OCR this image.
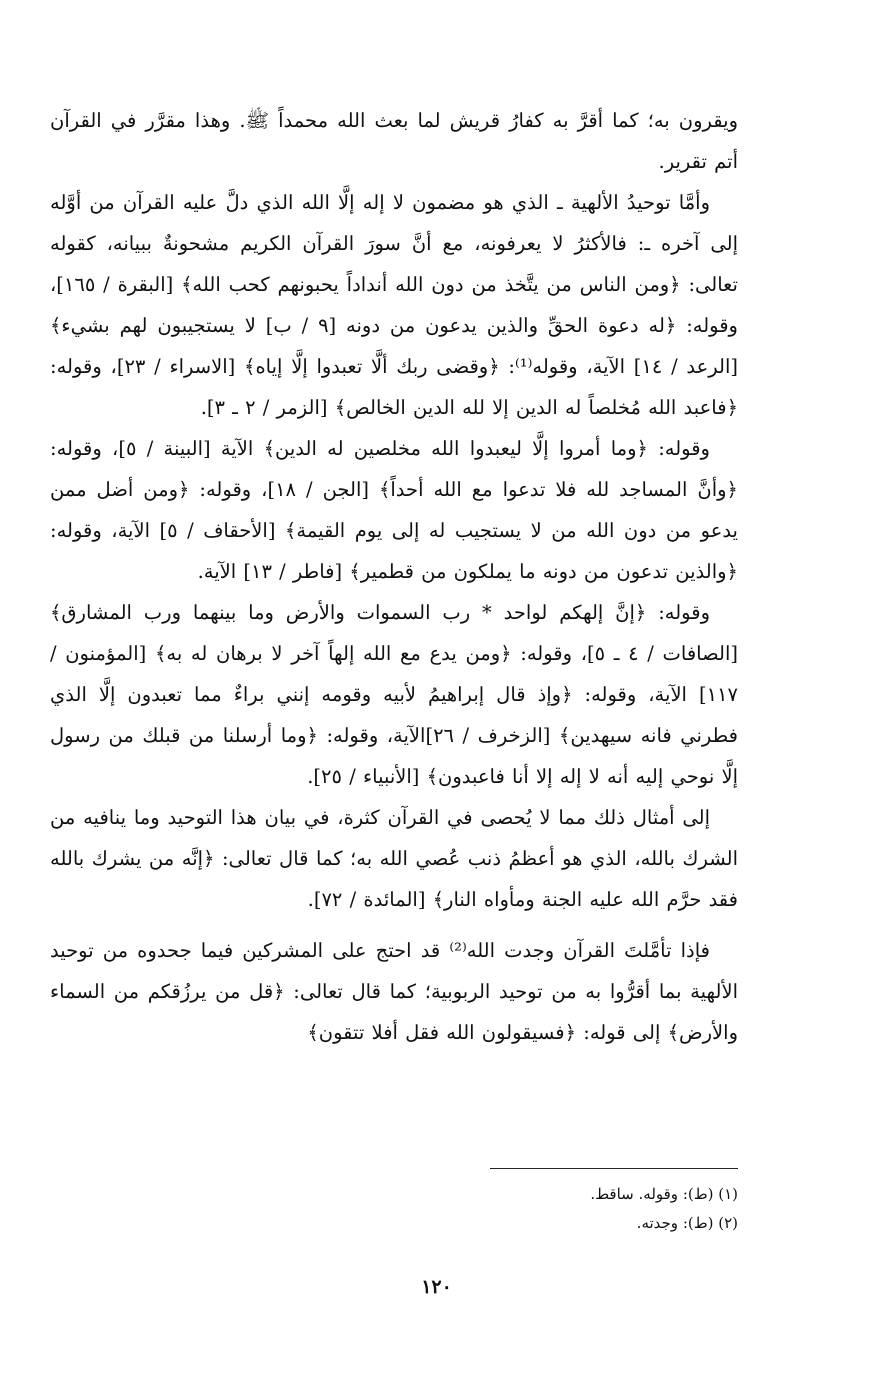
ويقرون به؛ كما أقرَّ به كفارُ قريش لما بعث الله محمداً ﷺ. وهذا مقرَّر في القرآن أتم تقرير.

وأمَّا توحيدُ الألهية ـ الذي هو مضمون لا إله إلَّا الله الذي دلَّ عليه القرآن من أوَّله إلى آخره ـ: فالأكثرُ لا يعرفونه، مع أنَّ سورَ القرآن الكريم مشحونةٌ ببيانه، كقوله تعالى: ﴿ومن الناس من يتَّخذ من دون الله أنداداً يحبونهم كحب الله﴾ [البقرة / ١٦٥]، وقوله: ﴿له دعوة الحقِّ والذين يدعون من دونه [٩ / ب] لا يستجيبون لهم بشيء﴾ [الرعد / ١٤] الآية، وقوله⁽¹⁾: ﴿وقضى ربك ألَّا تعبدوا إلَّا إياه﴾ [الاسراء / ٢٣]، وقوله: ﴿فاعبد الله مُخلصاً له الدين إلا لله الدين الخالص﴾ [الزمر / ٢ ـ ٣].

وقوله: ﴿وما أمروا إلَّا ليعبدوا الله مخلصين له الدين﴾ الآية [البينة / ٥]، وقوله: ﴿وأنَّ المساجد لله فلا تدعوا مع الله أحداً﴾ [الجن / ١٨]، وقوله: ﴿ومن أضل ممن يدعو من دون الله من لا يستجيب له إلى يوم القيمة﴾ [الأحقاف / ٥] الآية، وقوله: ﴿والذين تدعون من دونه ما يملكون من قطمير﴾ [فاطر / ١٣] الآية.

وقوله: ﴿إنَّ إلهكم لواحد * رب السموات والأرض وما بينهما ورب المشارق﴾ [الصافات / ٤ ـ ٥]، وقوله: ﴿ومن يدع مع الله إلهاً آخر لا برهان له به﴾ [المؤمنون / ١١٧] الآية، وقوله: ﴿وإذ قال إبراهيمُ لأبيه وقومه إنني براءٌ مما تعبدون إلَّا الذي فطرني فانه سيهدين﴾ [الزخرف / ٢٦]الآية، وقوله: ﴿وما أرسلنا من قبلك من رسول إلَّا نوحي إليه أنه لا إله إلا أنا فاعبدون﴾ [الأنبياء / ٢٥].

إلى أمثال ذلك مما لا يُحصى في القرآن كثرة، في بيان هذا التوحيد وما ينافيه من الشرك بالله، الذي هو أعظمُ ذنب عُصي الله به؛ كما قال تعالى: ﴿إنَّه من يشرك بالله فقد حرَّم الله عليه الجنة ومأواه النار﴾ [المائدة / ٧٢].

فإذا تأمَّلتَ القرآن وجدت الله⁽²⁾ قد احتج على المشركين فيما جحدوه من توحيد الألهية بما أقرُّوا به من توحيد الربوبية؛ كما قال تعالى: ﴿قل من يرزُقكم من السماء والأرض﴾ إلى قوله: ﴿فسيقولون الله فقل أفلا تتقون﴾

(١) (ط): وقوله. ساقط.

(٢) (ط): وجدته.

١٢٠
